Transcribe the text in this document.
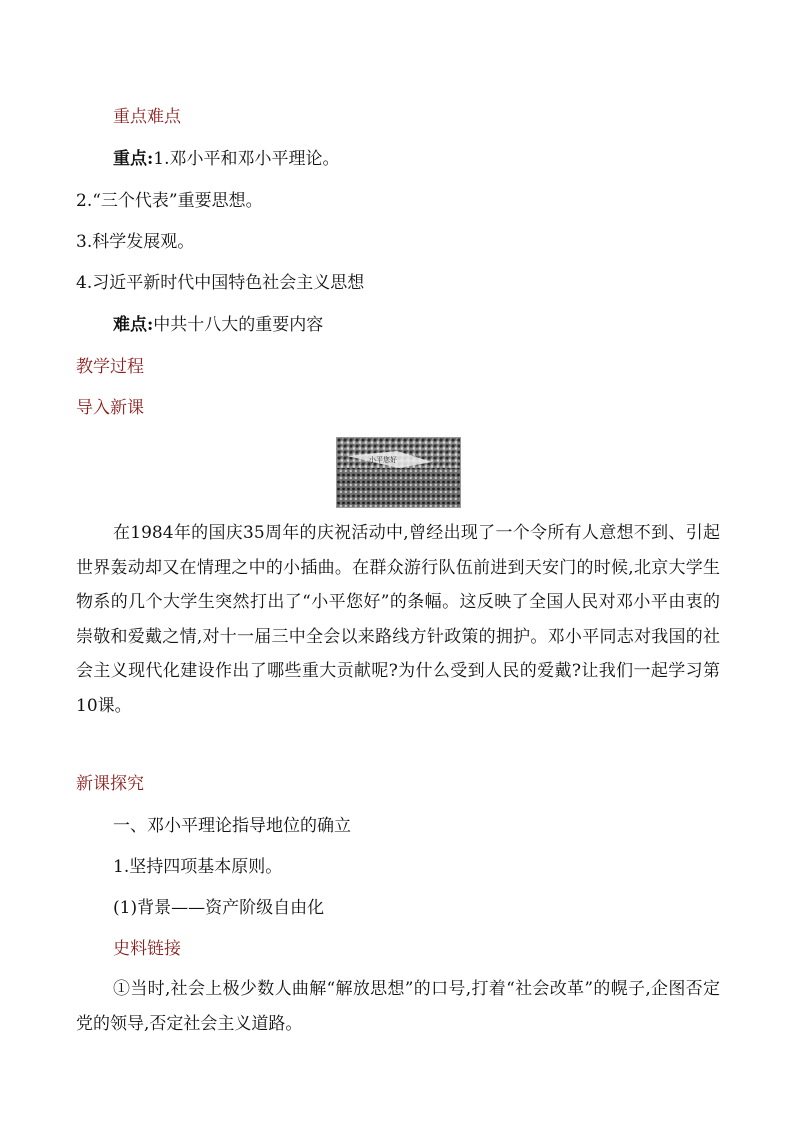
重点难点
重点:1.邓小平和邓小平理论。
2.“三个代表”重要思想。
3.科学发展观。
4.习近平新时代中国特色社会主义思想
难点:中共十八大的重要内容
教学过程
导入新课
小平您好

在1984年的国庆35周年的庆祝活动中,曾经出现了一个令所有人意想不到、引起世界轰动却又在情理之中的小插曲。在群众游行队伍前进到天安门的时候,北京大学生物系的几个大学生突然打出了“小平您好”的条幅。这反映了全国人民对邓小平由衷的崇敬和爱戴之情,对十一届三中全会以来路线方针政策的拥护。邓小平同志对我国的社会主义现代化建设作出了哪些重大贡献呢?为什么受到人民的爱戴?让我们一起学习第10课。

新课探究
一、邓小平理论指导地位的确立
1.坚持四项基本原则。
(1)背景——资产阶级自由化
史料链接

①当时,社会上极少数人曲解“解放思想”的口号,打着“社会改革”的幌子,企图否定党的领导,否定社会主义道路。
